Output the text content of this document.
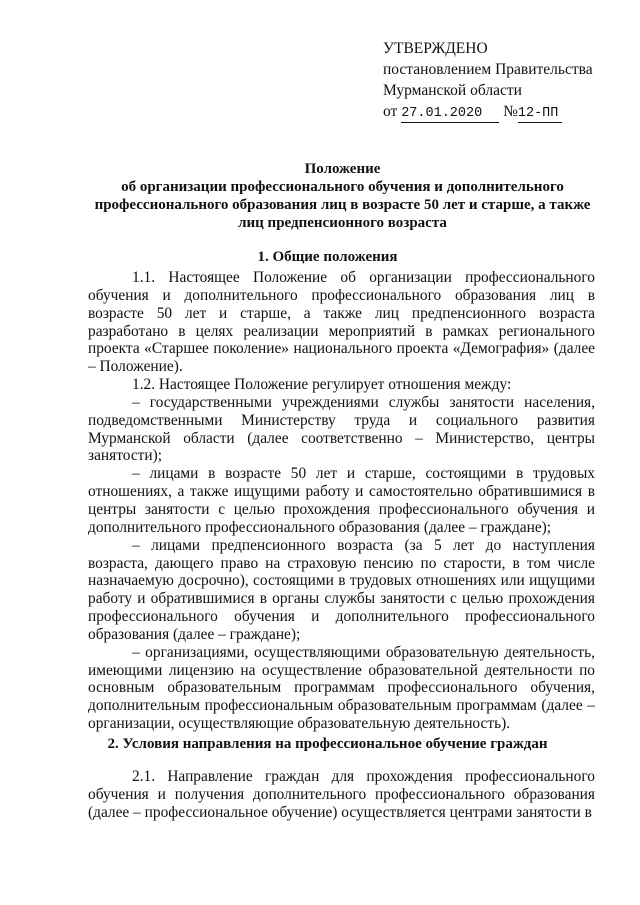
УТВЕРЖДЕНО
постановлением Правительства
Мурманской области
от 27.01.2020 №12-ПП
Положение
об организации профессионального обучения и дополнительного
профессионального образования лиц в возрасте 50 лет и старше, а также
лиц предпенсионного возраста
1. Общие положения
1.1. Настоящее Положение об организации профессионального обучения и дополнительного профессионального образования лиц в возрасте 50 лет и старше, а также лиц предпенсионного возраста разработано в целях реализации мероприятий в рамках регионального проекта «Старшее поколение» национального проекта «Демография» (далее – Положение).
1.2. Настоящее Положение регулирует отношения между:
– государственными учреждениями службы занятости населения, подведомственными Министерству труда и социального развития Мурманской области (далее соответственно – Министерство, центры занятости);
– лицами в возрасте 50 лет и старше, состоящими в трудовых отношениях, а также ищущими работу и самостоятельно обратившимися в центры занятости с целью прохождения профессионального обучения и дополнительного профессионального образования (далее – граждане);
– лицами предпенсионного возраста (за 5 лет до наступления возраста, дающего право на страховую пенсию по старости, в том числе назначаемую досрочно), состоящими в трудовых отношениях или ищущими работу и обратившимися в органы службы занятости с целью прохождения профессионального обучения и дополнительного профессионального образования (далее – граждане);
– организациями, осуществляющими образовательную деятельность, имеющими лицензию на осуществление образовательной деятельности по основным образовательным программам профессионального обучения, дополнительным профессиональным образовательным программам (далее – организации, осуществляющие образовательную деятельность).
2. Условия направления на профессиональное обучение граждан
2.1. Направление граждан для прохождения профессионального обучения и получения дополнительного профессионального образования (далее – профессиональное обучение) осуществляется центрами занятости в
